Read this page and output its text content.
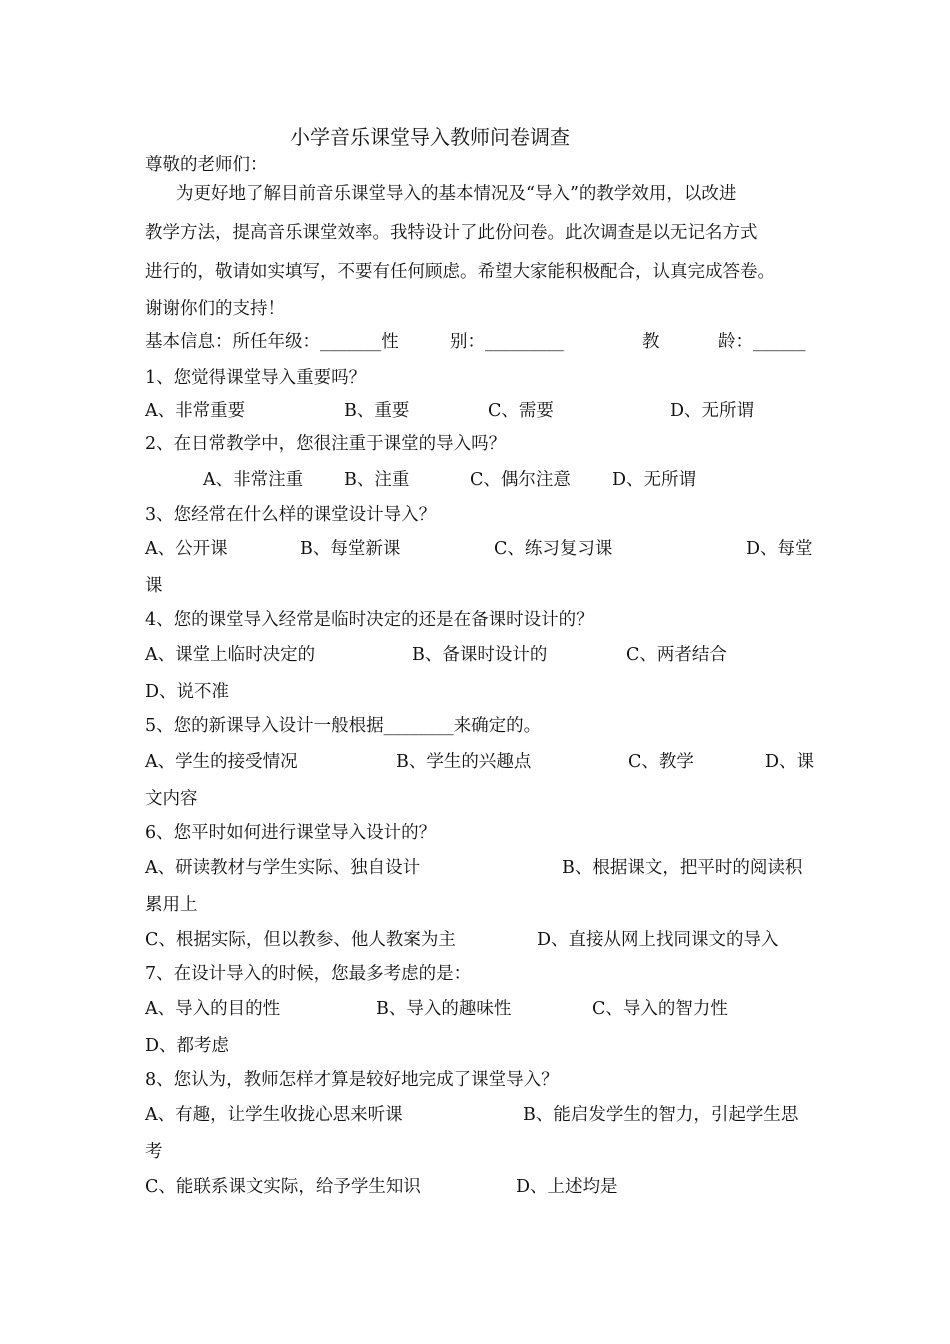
小学音乐课堂导入教师问卷调查
尊敬的老师们：
为更好地了解目前音乐课堂导入的基本情况及“导入”的教学效用，以改进
教学方法，提高音乐课堂效率。我特设计了此份问卷。此次调查是以无记名方式
进行的，敬请如实填写，不要有任何顾虑。希望大家能积极配合，认真完成答卷。
谢谢你们的支持！
基本信息：所任年级：_______性	别：_________	教	龄：______
1、您觉得课堂导入重要吗？
A、非常重要	B、重要	C、需要	D、无所谓
2、在日常教学中，您很注重于课堂的导入吗？
A、非常注重 B、注重	C、偶尔注意 D、无所谓
3、您经常在什么样的课堂设计导入？
A、公开课	B、每堂新课	C、练习复习课	D、每堂
课
4、您的课堂导入经常是临时决定的还是在备课时设计的？
A、课堂上临时决定的	B、备课时设计的	C、两者结合
D、说不准
5、您的新课导入设计一般根据________来确定的。
A、学生的接受情况	B、学生的兴趣点	C、教学	D、课
文内容
6、您平时如何进行课堂导入设计的？
A、研读教材与学生实际、独自设计	B、根据课文，把平时的阅读积
累用上
C、根据实际，但以教参、他人教案为主	D、直接从网上找同课文的导入
7、在设计导入的时候，您最多考虑的是：
A、导入的目的性	B、导入的趣味性	C、导入的智力性
D、都考虑
8、您认为，教师怎样才算是较好地完成了课堂导入？
A、有趣，让学生收拢心思来听课	B、能启发学生的智力，引起学生思
考
C、能联系课文实际，给予学生知识	D、上述均是
